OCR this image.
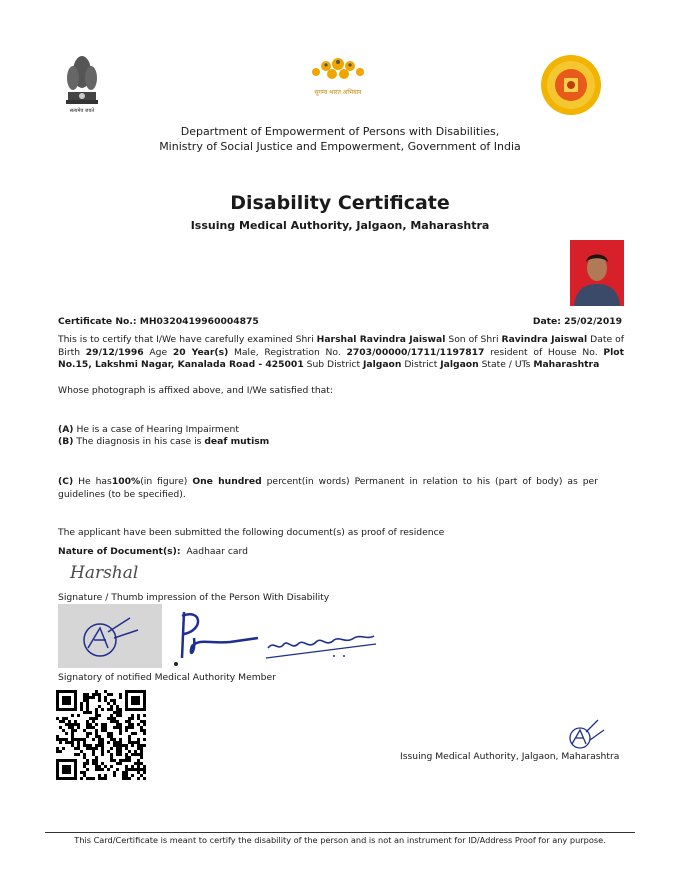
सत्यमेव जयते
सुगम्य भारत अभियान
Department of Empowerment of Persons with Disabilities,
Ministry of Social Justice and Empowerment, Government of India
Disability Certificate
Issuing Medical Authority, Jalgaon, Maharashtra
Certificate No.: MH0320419960004875	Date: 25/02/2019
This is to certify that I/We have carefully examined Shri Harshal Ravindra Jaiswal Son of Shri Ravindra Jaiswal Date of Birth 29/12/1996 Age 20 Year(s) Male, Registration No. 2703/00000/1711/1197817 resident of House No. Plot No.15, Lakshmi Nagar, Kanalada Road - 425001 Sub District Jalgaon District Jalgaon State / UTs Maharashtra
Whose photograph is affixed above, and I/We satisfied that:
(A) He is a case of Hearing Impairment
(B) The diagnosis in his case is deaf mutism
(C) He has100%(in figure) One hundred percent(in words) Permanent in relation to his (part of body) as per guidelines (to be specified).
The applicant have been submitted the following document(s) as proof of residence
Nature of Document(s): Aadhaar card
Harshal
Signature / Thumb impression of the Person With Disability
Signatory of notified Medical Authority Member
Issuing Medical Authority, Jalgaon, Maharashtra
This Card/Certificate is meant to certify the disability of the person and is not an instrument for ID/Address Proof for any purpose.
